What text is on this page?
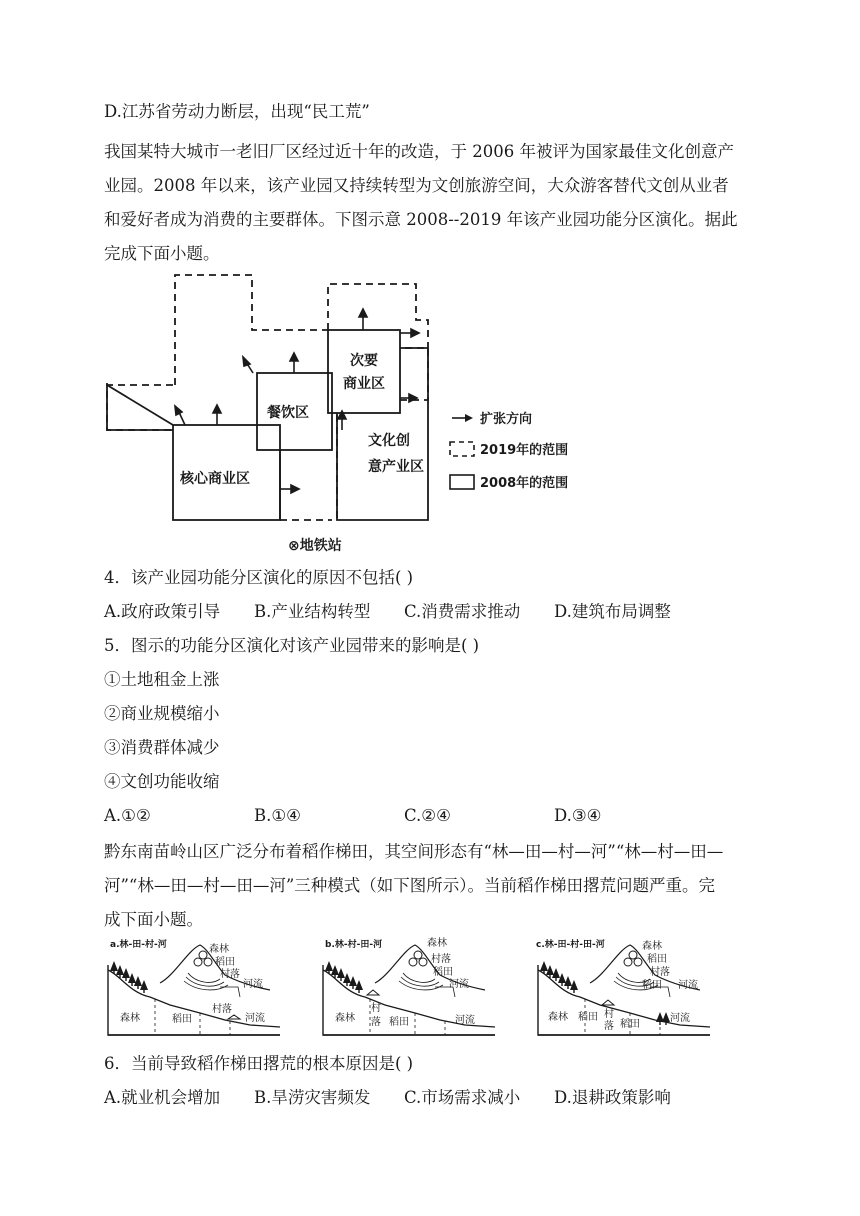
D.江苏省劳动力断层，出现“民工荒”
我国某特大城市一老旧厂区经过近十年的改造，于 2006 年被评为国家最佳文化创意产
业园。2008 年以来，该产业园又持续转型为文创旅游空间，大众游客替代文创从业者
和爱好者成为消费的主要群体。下图示意 2008--2019 年该产业园功能分区演化。据此
完成下面小题。
核心商业区
餐饮区
次要
商业区
文化创
意产业区
⊗地铁站
扩张方向
2019年的范围
2008年的范围
4．该产业园功能分区演化的原因不包括( )
A.政府政策引导 B.产业结构转型 C.消费需求推动 D.建筑布局调整
5．图示的功能分区演化对该产业园带来的影响是( )
①土地租金上涨
②商业规模缩小
③消费群体减少
④文创功能收缩
A.①②	B.①④	C.②④	D.③④
黔东南苗岭山区广泛分布着稻作梯田，其空间形态有“林—田—村—河”“林—村—田—
河”“林—田—村—田—河”三种模式（如下图所示）。当前稻作梯田撂荒问题严重。完
成下面小题。
a.林-田-村-河	森林
稻田
村落
河流
森林	稻田
村落
河流
b.林-村-田-河	森林
村落
稻田
河流
森林
村
落 稻田	河流
c.林-田-村-田-河	森林
稻田
村落
稻田 河流
森林 稻田 村
落 稻田
河流
6．当前导致稻作梯田撂荒的根本原因是( )
A.就业机会增加 B.旱涝灾害频发 C.市场需求减小 D.退耕政策影响
